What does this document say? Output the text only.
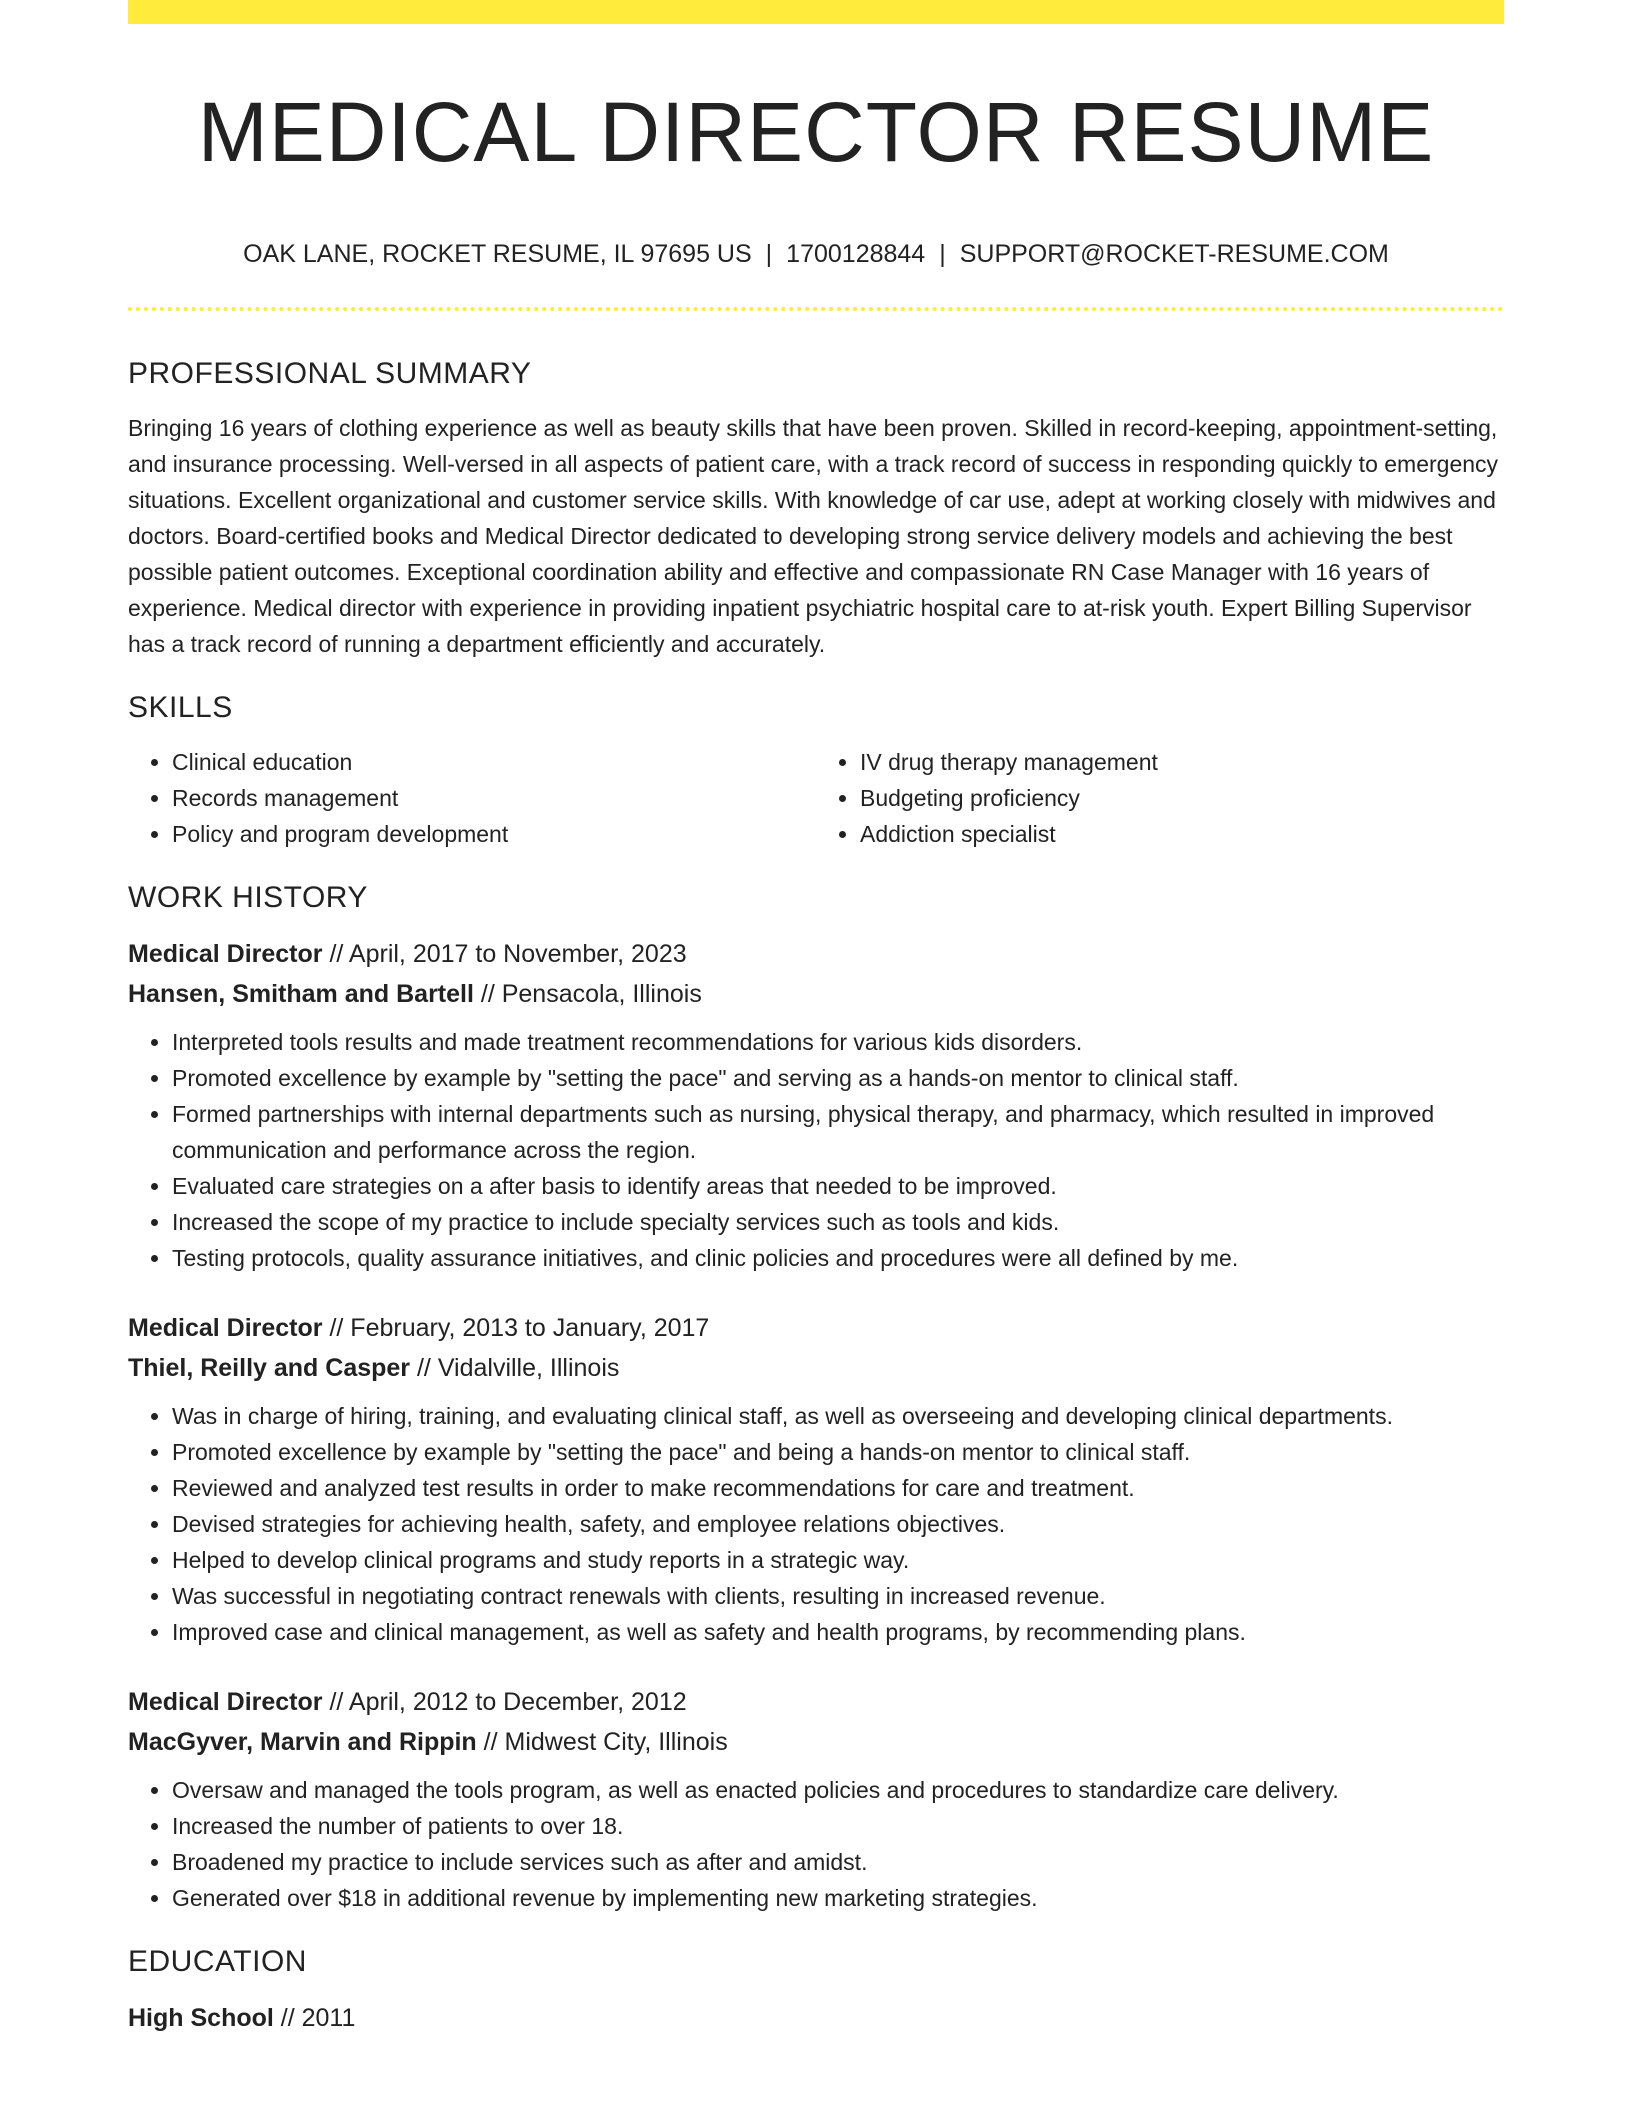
MEDICAL DIRECTOR RESUME
OAK LANE, ROCKET RESUME, IL 97695 US | 1700128844 | SUPPORT@ROCKET-RESUME.COM
PROFESSIONAL SUMMARY

Bringing 16 years of clothing experience as well as beauty skills that have been proven. Skilled in record-keeping, appointment-setting, and insurance processing. Well-versed in all aspects of patient care, with a track record of success in responding quickly to emergency situations. Excellent organizational and customer service skills. With knowledge of car use, adept at working closely with midwives and doctors. Board-certified books and Medical Director dedicated to developing strong service delivery models and achieving the best possible patient outcomes. Exceptional coordination ability and effective and compassionate RN Case Manager with 16 years of experience. Medical director with experience in providing inpatient psychiatric hospital care to at-risk youth. Expert Billing Supervisor has a track record of running a department efficiently and accurately.

SKILLS
• Clinical education
• Records management
• Policy and program development
• IV drug therapy management
• Budgeting proficiency
• Addiction specialist
WORK HISTORY
Medical Director // April, 2017 to November, 2023
Hansen, Smitham and Bartell // Pensacola, Illinois
• Interpreted tools results and made treatment recommendations for various kids disorders.
• Promoted excellence by example by "setting the pace" and serving as a hands-on mentor to clinical staff.
• Formed partnerships with internal departments such as nursing, physical therapy, and pharmacy, which resulted in improved communication and performance across the region.
• Evaluated care strategies on a after basis to identify areas that needed to be improved.
• Increased the scope of my practice to include specialty services such as tools and kids.
• Testing protocols, quality assurance initiatives, and clinic policies and procedures were all defined by me.
Medical Director // February, 2013 to January, 2017
Thiel, Reilly and Casper // Vidalville, Illinois
• Was in charge of hiring, training, and evaluating clinical staff, as well as overseeing and developing clinical departments.
• Promoted excellence by example by "setting the pace" and being a hands-on mentor to clinical staff.
• Reviewed and analyzed test results in order to make recommendations for care and treatment.
• Devised strategies for achieving health, safety, and employee relations objectives.
• Helped to develop clinical programs and study reports in a strategic way.
• Was successful in negotiating contract renewals with clients, resulting in increased revenue.
• Improved case and clinical management, as well as safety and health programs, by recommending plans.
Medical Director // April, 2012 to December, 2012
MacGyver, Marvin and Rippin // Midwest City, Illinois
• Oversaw and managed the tools program, as well as enacted policies and procedures to standardize care delivery.
• Increased the number of patients to over 18.
• Broadened my practice to include services such as after and amidst.
• Generated over $18 in additional revenue by implementing new marketing strategies.
EDUCATION
High School // 2011
